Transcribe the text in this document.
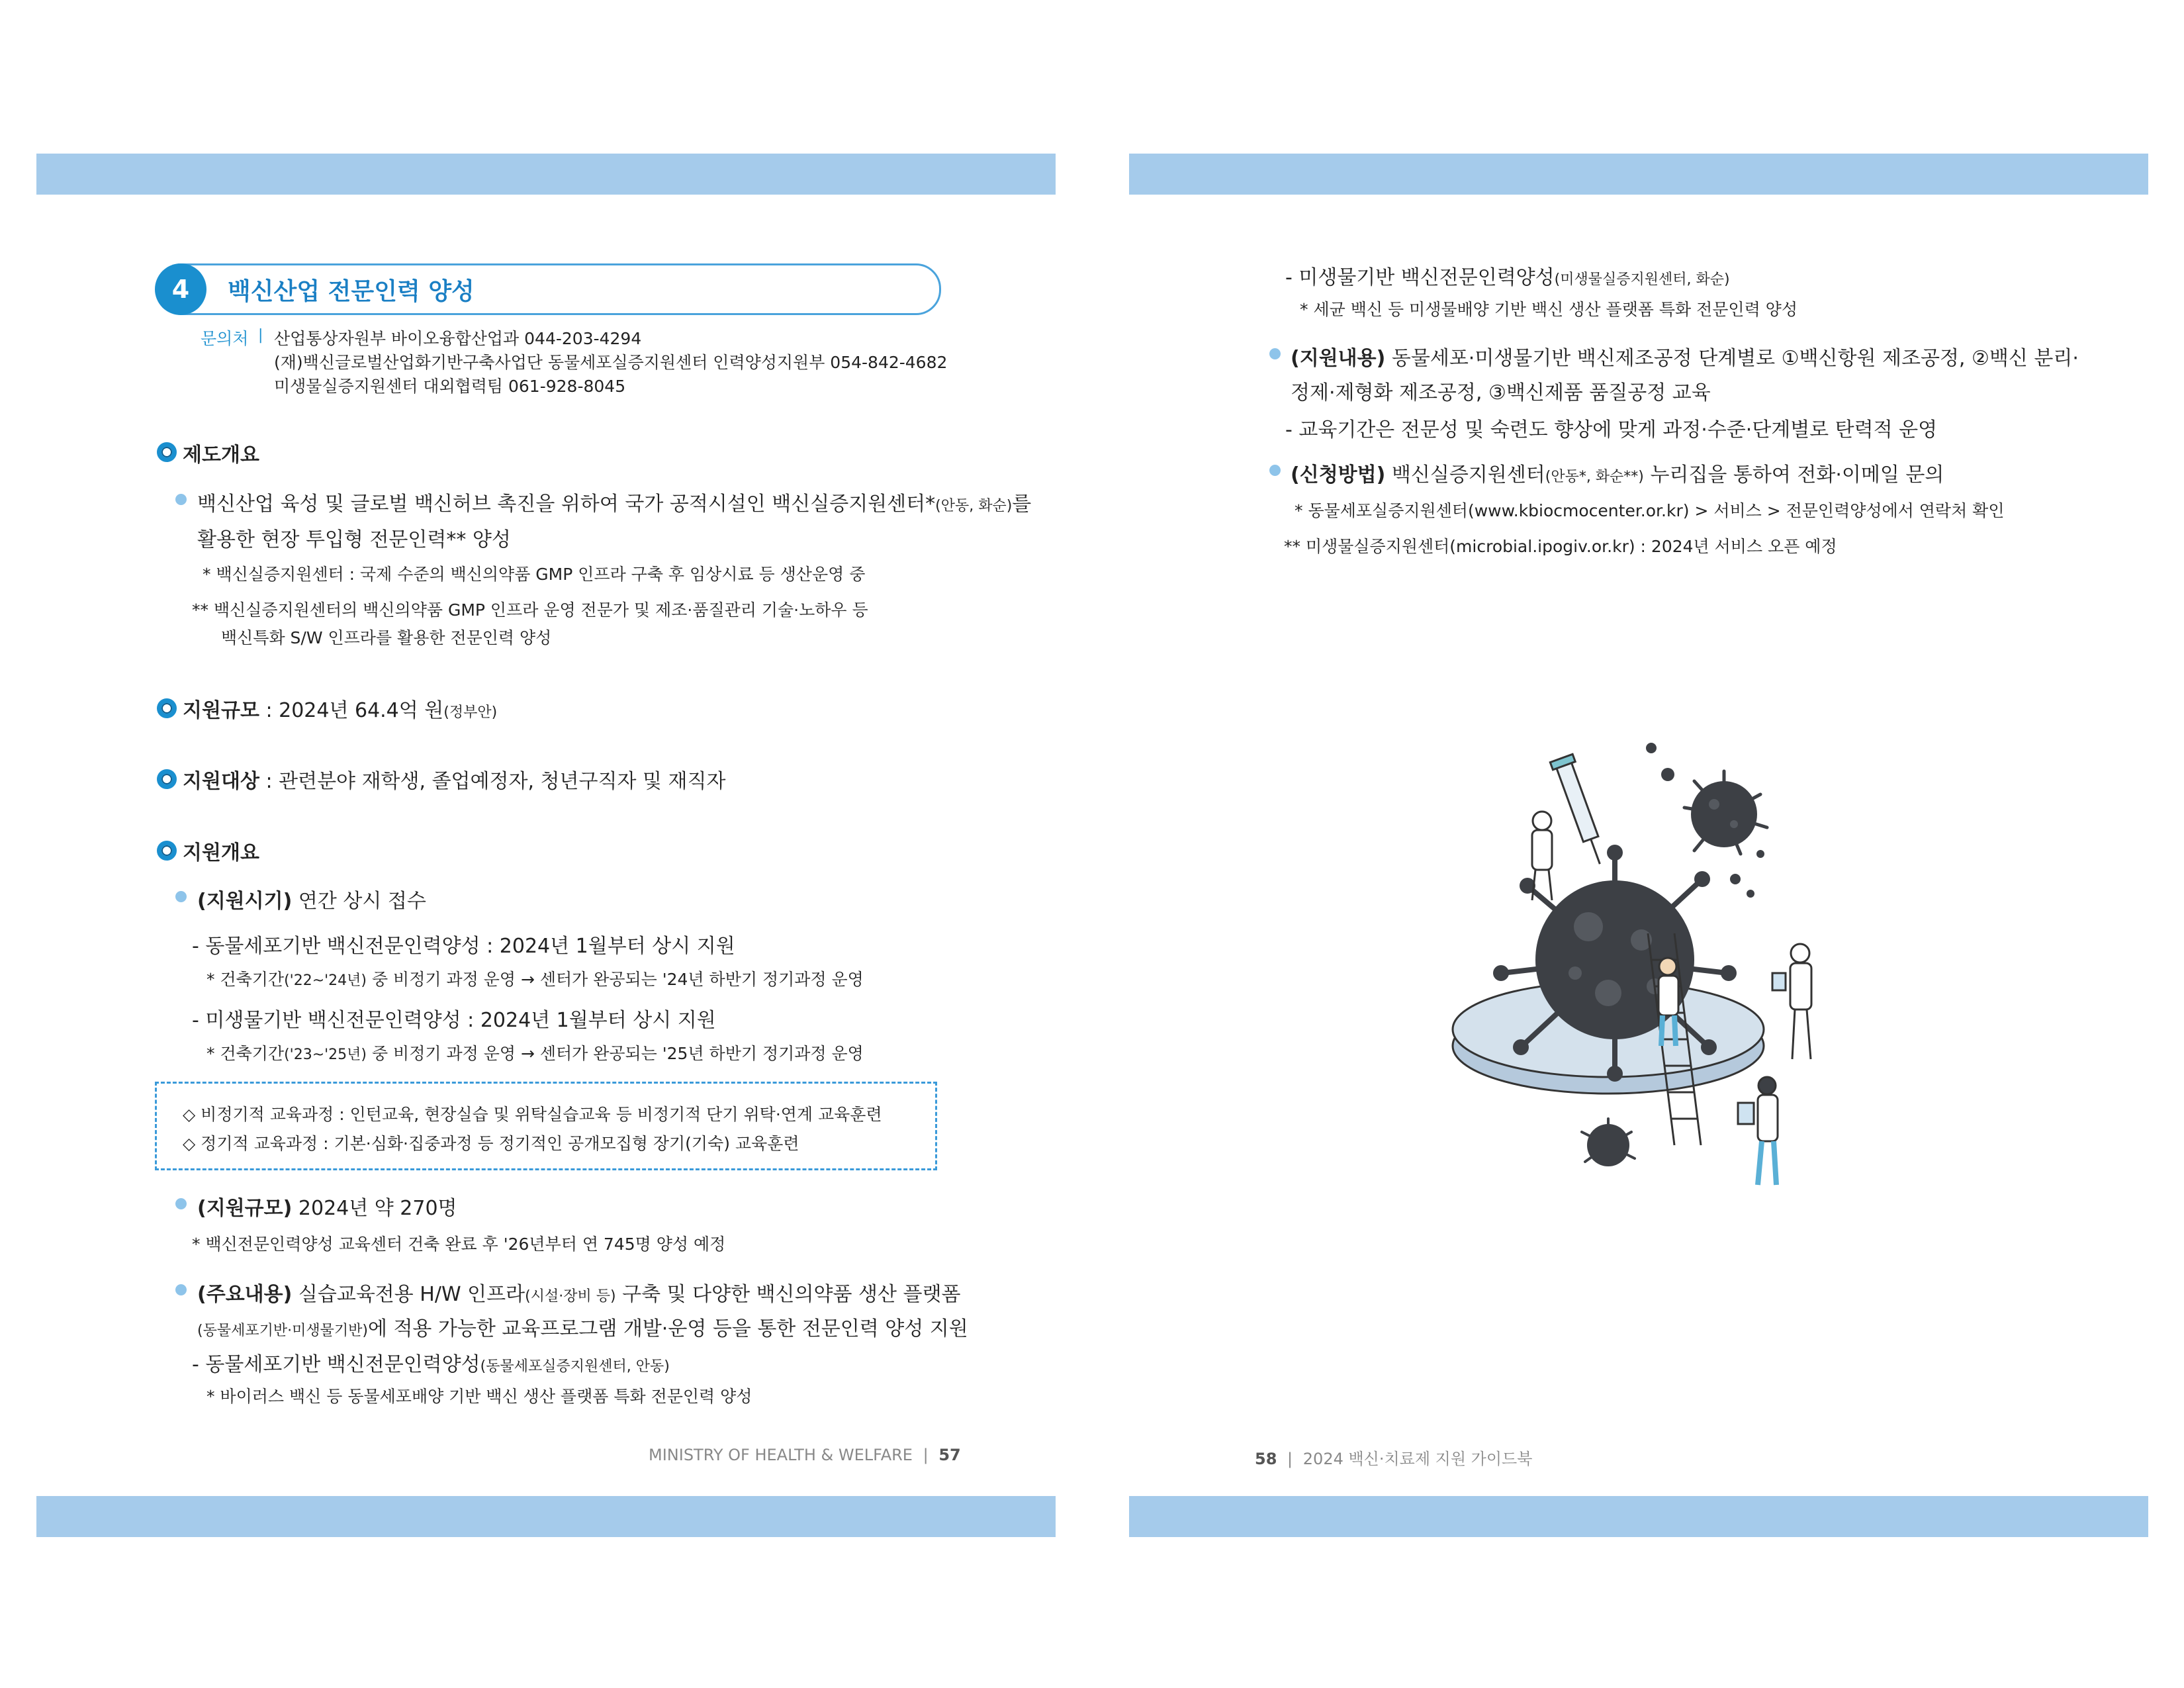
4	백신산업 전문인력 양성
문의처 | 산업통상자원부 바이오융합산업과 044-203-4294
(재)백신글로벌산업화기반구축사업단 동물세포실증지원센터 인력양성지원부 054-842-4682
미생물실증지원센터 대외협력팀 061-928-8045
제도개요
백신산업 육성 및 글로벌 백신허브 촉진을 위하여 국가 공적시설인 백신실증지원센터*(안동, 화순)를
활용한 현장 투입형 전문인력** 양성
* 백신실증지원센터 : 국제 수준의 백신의약품 GMP 인프라 구축 후 임상시료 등 생산운영 중
** 백신실증지원센터의 백신의약품 GMP 인프라 운영 전문가 및 제조·품질관리 기술·노하우 등
백신특화 S/W 인프라를 활용한 전문인력 양성
지원규모 : 2024년 64.4억 원(정부안)
지원대상 : 관련분야 재학생, 졸업예정자, 청년구직자 및 재직자
지원개요
(지원시기) 연간 상시 접수
- 동물세포기반 백신전문인력양성 : 2024년 1월부터 상시 지원
* 건축기간('22~'24년) 중 비정기 과정 운영 → 센터가 완공되는 '24년 하반기 정기과정 운영
- 미생물기반 백신전문인력양성 : 2024년 1월부터 상시 지원
* 건축기간('23~'25년) 중 비정기 과정 운영 → 센터가 완공되는 '25년 하반기 정기과정 운영
◇ 비정기적 교육과정 : 인턴교육, 현장실습 및 위탁실습교육 등 비정기적 단기 위탁·연계 교육훈련
◇ 정기적 교육과정 : 기본·심화·집중과정 등 정기적인 공개모집형 장기(기숙) 교육훈련
(지원규모) 2024년 약 270명
* 백신전문인력양성 교육센터 건축 완료 후 '26년부터 연 745명 양성 예정
(주요내용) 실습교육전용 H/W 인프라(시설·장비 등) 구축 및 다양한 백신의약품 생산 플랫폼
(동물세포기반·미생물기반)에 적용 가능한 교육프로그램 개발·운영 등을 통한 전문인력 양성 지원
- 동물세포기반 백신전문인력양성(동물세포실증지원센터, 안동)
* 바이러스 백신 등 동물세포배양 기반 백신 생산 플랫폼 특화 전문인력 양성
MINISTRY OF HEALTH & WELFARE | 57
- 미생물기반 백신전문인력양성(미생물실증지원센터, 화순)
* 세균 백신 등 미생물배양 기반 백신 생산 플랫폼 특화 전문인력 양성
(지원내용) 동물세포·미생물기반 백신제조공정 단계별로 ①백신항원 제조공정, ②백신 분리·
정제·제형화 제조공정, ③백신제품 품질공정 교육
- 교육기간은 전문성 및 숙련도 향상에 맞게 과정·수준·단계별로 탄력적 운영
(신청방법) 백신실증지원센터(안동*, 화순**) 누리집을 통하여 전화·이메일 문의
* 동물세포실증지원센터(www.kbiocmocenter.or.kr) > 서비스 > 전문인력양성에서 연락처 확인
** 미생물실증지원센터(microbial.ipogiv.or.kr) : 2024년 서비스 오픈 예정
58 | 2024 백신·치료제 지원 가이드북
